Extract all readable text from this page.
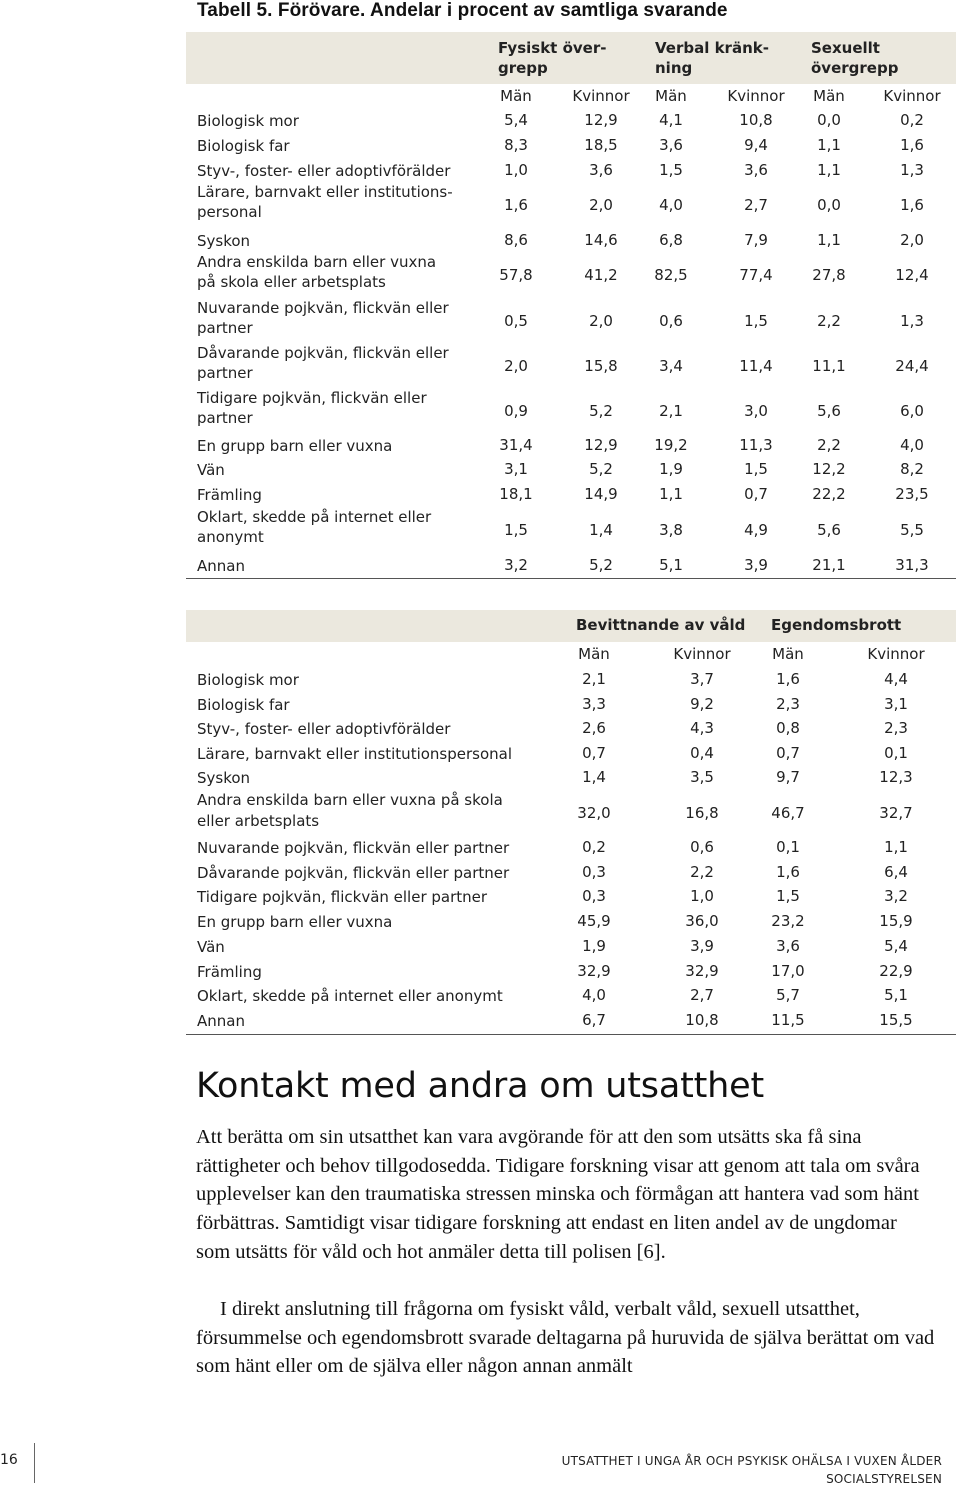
Tabell 5. Förövare. Andelar i procent av samtliga svarande
Fysiskt över-
grepp
Verbal kränk-
ning
Sexuellt
övergrepp
Män	Kvinnor	Män	Kvinnor	Män	Kvinnor
Biologisk mor	5,4	12,9	4,1	10,8	0,0	0,2
Biologisk far	8,3	18,5	3,6	9,4	1,1	1,6
Styv-, foster- eller adoptivförälder	1,0	3,6	1,5	3,6	1,1	1,3
Lärare, barnvakt eller institutions-
personal	1,6	2,0	4,0	2,7	0,0	1,6
Syskon	8,6	14,6	6,8	7,9	1,1	2,0
Andra enskilda barn eller vuxna
på skola eller arbetsplats	57,8	41,2	82,5	77,4	27,8	12,4
Nuvarande pojkvän, flickvän eller
partner	0,5	2,0	0,6	1,5	2,2	1,3
Dåvarande pojkvän, flickvän eller
partner	2,0	15,8	3,4	11,4	11,1	24,4
Tidigare pojkvän, flickvän eller
partner	0,9	5,2	2,1	3,0	5,6	6,0
En grupp barn eller vuxna	31,4	12,9	19,2	11,3	2,2	4,0
Vän	3,1	5,2	1,9	1,5	12,2	8,2
Främling	18,1	14,9	1,1	0,7	22,2	23,5
Oklart, skedde på internet eller
anonymt	1,5	1,4	3,8	4,9	5,6	5,5
Annan	3,2	5,2	5,1	3,9	21,1	31,3
Bevittnande av våld Egendomsbrott
Män	Kvinnor	Män	Kvinnor
Biologisk mor	2,1	3,7	1,6	4,4
Biologisk far	3,3	9,2	2,3	3,1
Styv-, foster- eller adoptivförälder	2,6	4,3	0,8	2,3
Lärare, barnvakt eller institutionspersonal	0,7	0,4	0,7	0,1
Syskon	1,4	3,5	9,7	12,3
Andra enskilda barn eller vuxna på skola
eller arbetsplats	32,0	16,8	46,7	32,7
Nuvarande pojkvän, flickvän eller partner	0,2	0,6	0,1	1,1
Dåvarande pojkvän, flickvän eller partner	0,3	2,2	1,6	6,4
Tidigare pojkvän, flickvän eller partner	0,3	1,0	1,5	3,2
En grupp barn eller vuxna	45,9	36,0	23,2	15,9
Vän	1,9	3,9	3,6	5,4
Främling	32,9	32,9	17,0	22,9
Oklart, skedde på internet eller anonymt	4,0	2,7	5,7	5,1
Annan	6,7	10,8	11,5	15,5
Kontakt med andra om utsatthet

Att berätta om sin utsatthet kan vara avgörande för att den som utsätts ska få sina rättigheter och behov tillgodosedda. Tidigare forskning visar att genom att tala om svåra upplevelser kan den traumatiska stressen minska och förmågan att hantera vad som hänt förbättras. Samtidigt visar tidigare forskning att endast en liten andel av de ungdomar som utsätts för våld och hot anmäler detta till polisen [6].

I direkt anslutning till frågorna om fysiskt våld, verbalt våld, sexuell utsatthet, försummelse och egendomsbrott svarade deltagarna på huruvida de själva berättat om vad som hänt eller om de själva eller någon annan anmält

16	UTSATTHET I UNGA ÅR OCH PSYKISK OHÄLSA I VUXEN ÅLDER
SOCIALSTYRELSEN
